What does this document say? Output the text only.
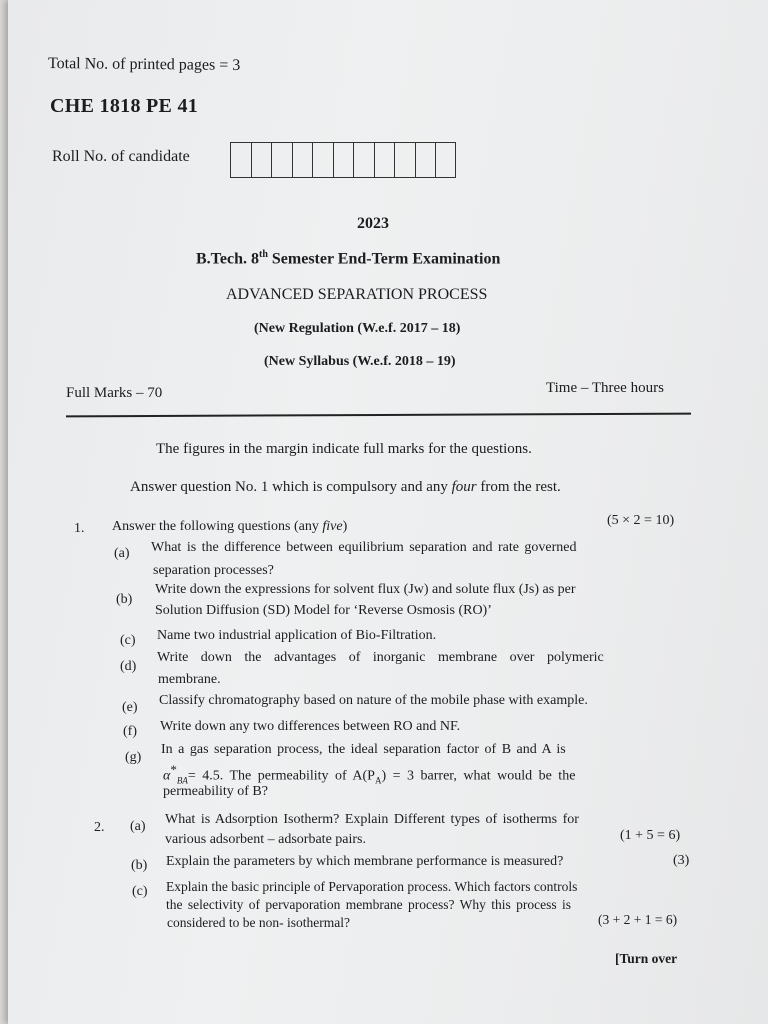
Total No. of printed pages = 3
CHE 1818 PE 41
Roll No. of candidate
2023
B.Tech. 8th Semester End-Term Examination
ADVANCED SEPARATION PROCESS
(New Regulation (W.e.f. 2017 – 18)
(New Syllabus (W.e.f. 2018 – 19)
Full Marks – 70	Time – Three hours
The figures in the margin indicate full marks for the questions.
Answer question No. 1 which is compulsory and any four from the rest.
1. Answer the following questions (any five)	(5 × 2 = 10)
(a) What is the difference between equilibrium separation and rate governed
separation processes?
(b)
Write down the expressions for solvent flux (Jw) and solute flux (Js) as per
Solution Diffusion (SD) Model for ‘Reverse Osmosis (RO)’
(c) Name two industrial application of Bio-Filtration.
(d)
Write down the advantages of inorganic membrane over polymeric
membrane.
(e) Classify chromatography based on nature of the mobile phase with example.
(f) Write down any two differences between RO and NF.
(g)
In a gas separation process, the ideal separation factor of B and A is
$\alpha^*_{BA}= 4.5$. The permeability of $A(P_A) = 3$ barrer, what would be the
permeability of B?
2. (a) What is Adsorption Isotherm? Explain Different types of isotherms for
various adsorbent – adsorbate pairs.	(1 + 5 = 6)
(b) Explain the parameters by which membrane performance is measured?	(3)
(c) Explain the basic principle of Pervaporation process. Which factors controls
the selectivity of pervaporation membrane process? Why this process is
considered to be non- isothermal?	(3 + 2 + 1 = 6)
[Turn over
